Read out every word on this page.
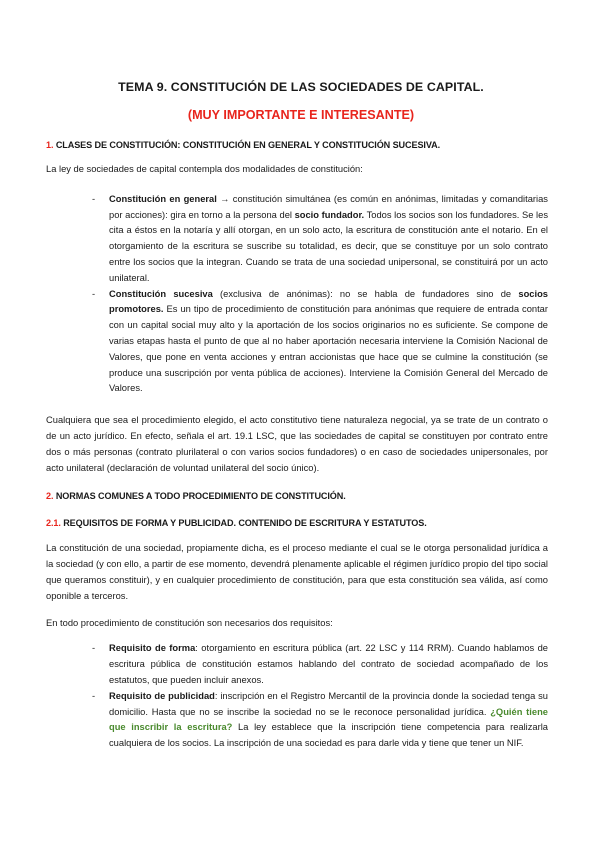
TEMA 9. CONSTITUCIÓN DE LAS SOCIEDADES DE CAPITAL.
(MUY IMPORTANTE E INTERESANTE)
1. CLASES DE CONSTITUCIÓN: CONSTITUCIÓN EN GENERAL Y CONSTITUCIÓN SUCESIVA.

La ley de sociedades de capital contempla dos modalidades de constitución:

- Constitución en general → constitución simultánea (es común en anónimas, limitadas y comanditarias por acciones): gira en torno a la persona del socio fundador. Todos los socios son los fundadores. Se les cita a éstos en la notaría y allí otorgan, en un solo acto, la escritura de constitución ante el notario. En el otorgamiento de la escritura se suscribe su totalidad, es decir, que se constituye por un solo contrato entre los socios que la integran. Cuando se trata de una sociedad unipersonal, se constituirá por un acto unilateral.
- Constitución sucesiva (exclusiva de anónimas): no se habla de fundadores sino de socios promotores. Es un tipo de procedimiento de constitución para anónimas que requiere de entrada contar con un capital social muy alto y la aportación de los socios originarios no es suficiente. Se compone de varias etapas hasta el punto de que al no haber aportación necesaria interviene la Comisión Nacional de Valores, que pone en venta acciones y entran accionistas que hace que se culmine la constitución (se produce una suscripción por venta pública de acciones). Interviene la Comisión General del Mercado de Valores.

Cualquiera que sea el procedimiento elegido, el acto constitutivo tiene naturaleza negocial, ya se trate de un contrato o de un acto jurídico. En efecto, señala el art. 19.1 LSC, que las sociedades de capital se constituyen por contrato entre dos o más personas (contrato plurilateral o con varios socios fundadores) o en caso de sociedades unipersonales, por acto unilateral (declaración de voluntad unilateral del socio único).

2. NORMAS COMUNES A TODO PROCEDIMIENTO DE CONSTITUCIÓN.
2.1. REQUISITOS DE FORMA Y PUBLICIDAD. CONTENIDO DE ESCRITURA Y ESTATUTOS.

La constitución de una sociedad, propiamente dicha, es el proceso mediante el cual se le otorga personalidad jurídica a la sociedad (y con ello, a partir de ese momento, devendrá plenamente aplicable el régimen jurídico propio del tipo social que queramos constituir), y en cualquier procedimiento de constitución, para que esta constitución sea válida, así como oponible a terceros.

En todo procedimiento de constitución son necesarios dos requisitos:

- Requisito de forma: otorgamiento en escritura pública (art. 22 LSC y 114 RRM). Cuando hablamos de escritura pública de constitución estamos hablando del contrato de sociedad acompañado de los estatutos, que pueden incluir anexos.
- Requisito de publicidad: inscripción en el Registro Mercantil de la provincia donde la sociedad tenga su domicilio. Hasta que no se inscribe la sociedad no se le reconoce personalidad jurídica. ¿Quién tiene que inscribir la escritura? La ley establece que la inscripción tiene competencia para realizarla cualquiera de los socios. La inscripción de una sociedad es para darle vida y tiene que tener un NIF.
